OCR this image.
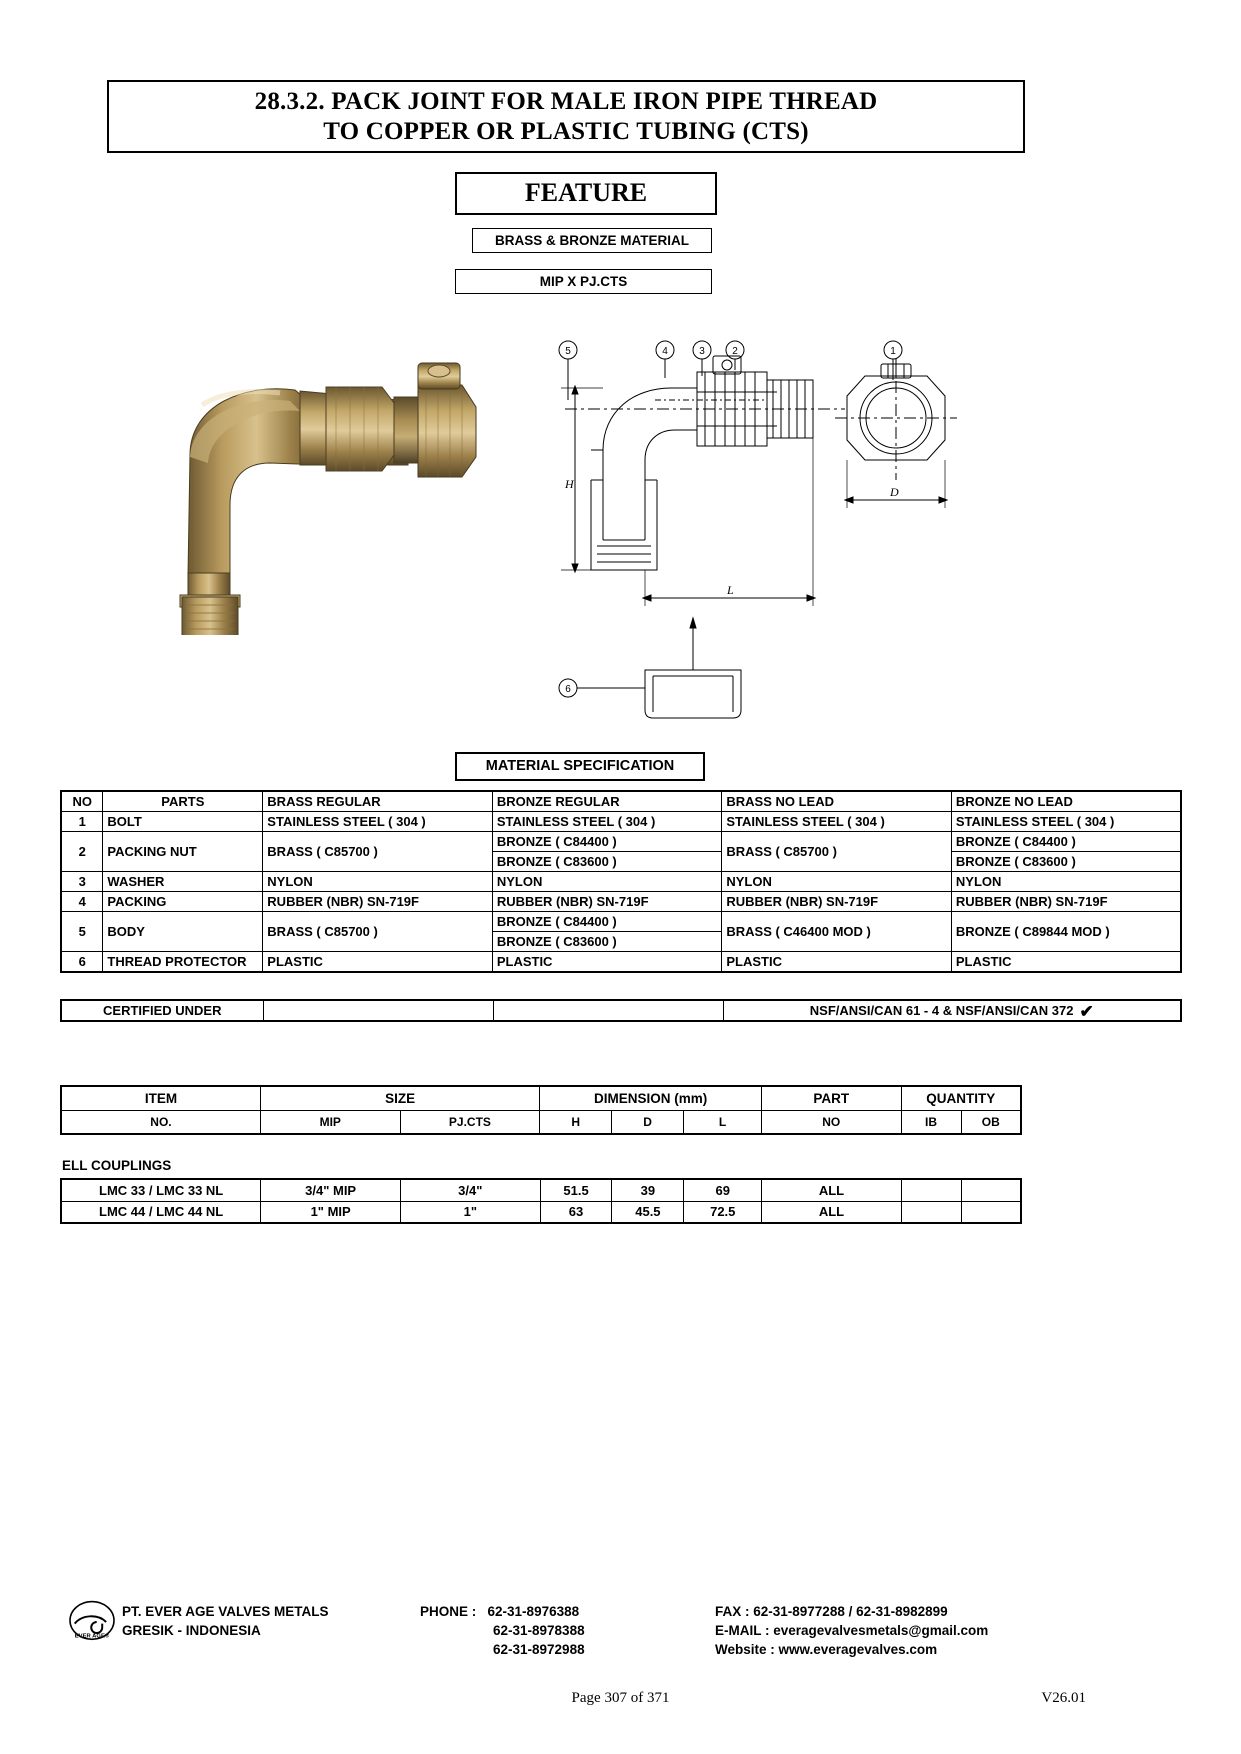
28.3.2. PACK JOINT FOR MALE IRON PIPE THREAD
TO COPPER OR PLASTIC TUBING (CTS)
FEATURE
BRASS & BRONZE MATERIAL
MIP X PJ.CTS
5	4	3	2	1
H
L
D
6
MATERIAL SPECIFICATION
NO	PARTS	BRASS REGULAR	BRONZE REGULAR	BRASS NO LEAD	BRONZE NO LEAD
1	BOLT	STAINLESS STEEL ( 304 )	STAINLESS STEEL ( 304 )	STAINLESS STEEL ( 304 )	STAINLESS STEEL ( 304 )
2	PACKING NUT	BRASS ( C85700 )	BRONZE ( C84400 )	BRASS ( C85700 )	BRONZE ( C84400 )
			BRONZE ( C83600 )		BRONZE ( C83600 )
3	WASHER	NYLON	NYLON	NYLON	NYLON
4	PACKING	RUBBER (NBR) SN-719F	RUBBER (NBR) SN-719F	RUBBER (NBR) SN-719F	RUBBER (NBR) SN-719F
5	BODY	BRASS ( C85700 )	BRONZE ( C84400 )	BRASS ( C46400 MOD )	BRONZE ( C89844 MOD )
			BRONZE ( C83600 )		
6	THREAD PROTECTOR	PLASTIC	PLASTIC	PLASTIC	PLASTIC
CERTIFIED UNDER			NSF/ANSI/CAN 61 - 4 & NSF/ANSI/CAN 372 ✔
ITEM	SIZE		DIMENSION (mm)			PART	QUANTITY	
NO.	MIP	PJ.CTS	H	D	L	NO	IB	OB
ELL COUPLINGS
LMC 33 / LMC 33 NL	3/4" MIP	3/4"	51.5	39	69	ALL		
LMC 44 / LMC 44 NL	1" MIP	1"	63	45.5	72.5	ALL		
EVER AGE®
PT. EVER AGE VALVES METALS
GRESIK - INDONESIA
PHONE : 62-31-8976388
62-31-8978388
62-31-8972988
FAX : 62-31-8977288 / 62-31-8982899
E-MAIL : everagevalvesmetals@gmail.com
Website : www.everagevalves.com
Page 307 of 371	V26.01
